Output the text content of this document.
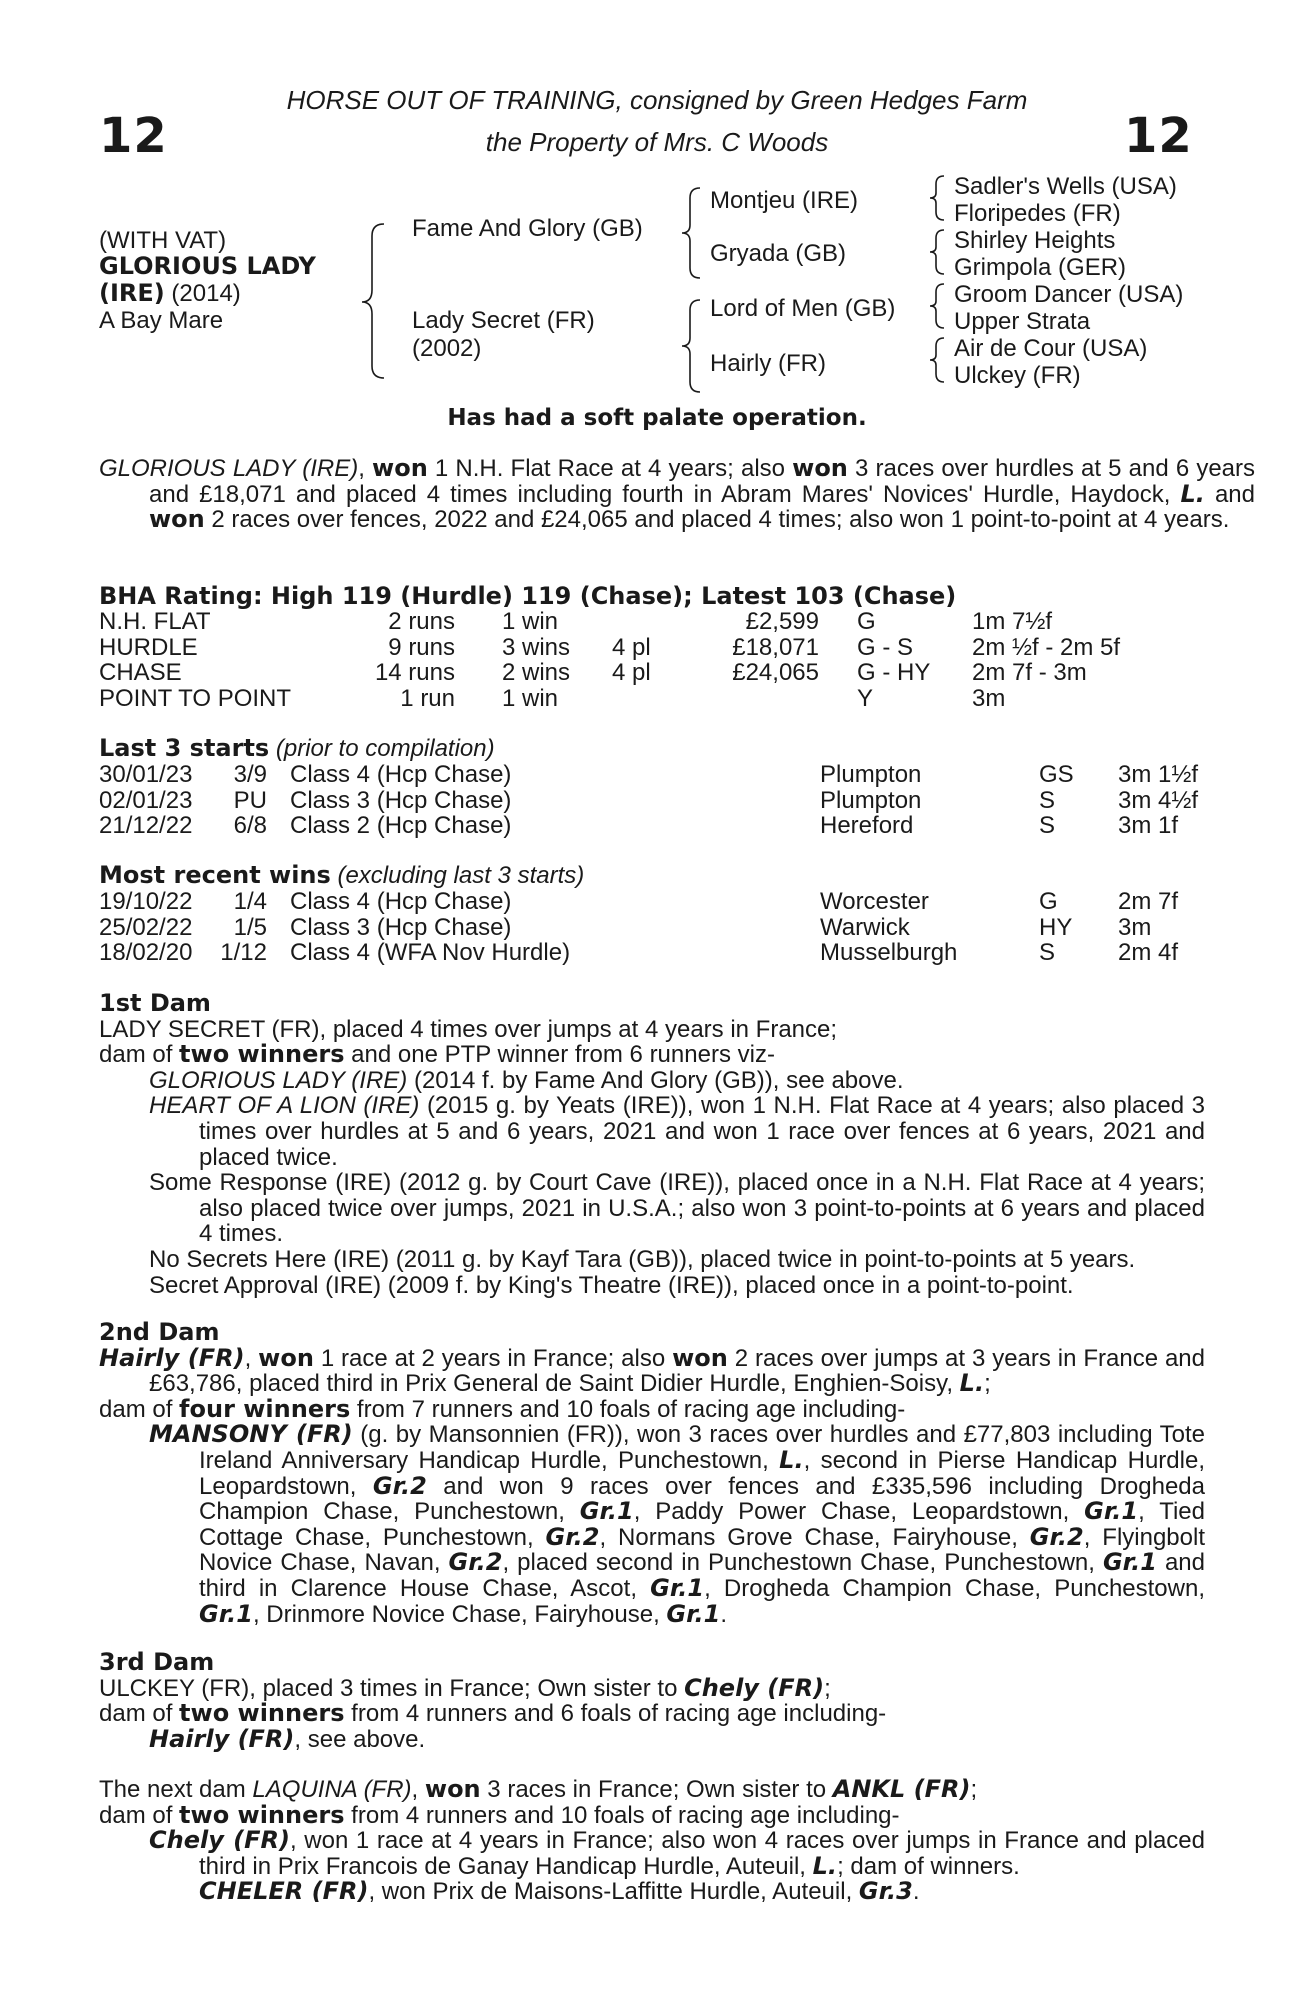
12	12
HORSE OUT OF TRAINING, consigned by Green Hedges Farm
the Property of Mrs. C Woods
(WITH VAT)
GLORIOUS LADY
(IRE) (2014)
A Bay Mare
Fame And Glory (GB)
Lady Secret (FR)
(2002)
Montjeu (IRE)
Gryada (GB)
Lord of Men (GB)
Hairly (FR)
Sadler's Wells (USA)
Floripedes (FR)
Shirley Heights
Grimpola (GER)
Groom Dancer (USA)
Upper Strata
Air de Cour (USA)
Ulckey (FR)
Has had a soft palate operation.
GLORIOUS LADY (IRE), won 1 N.H. Flat Race at 4 years; also won 3 races over hurdles at 5 and 6 years and £18,071 and placed 4 times including fourth in Abram Mares' Novices' Hurdle, Haydock, L. and won 2 races over fences, 2022 and £24,065 and placed 4 times; also won 1 point-to-point at 4 years.
BHA Rating: High 119 (Hurdle) 119 (Chase); Latest 103 (Chase)
N.H. FLAT	2 runs 1 win	£2,599 G	1m 7½f
HURDLE	9 runs 3 wins 4 pl	£18,071 G - S 2m ½f - 2m 5f
CHASE	14 runs 2 wins 4 pl	£24,065 G - HY 2m 7f - 3m
POINT TO POINT	1 run 1 win	Y	3m
Last 3 starts (prior to compilation)
30/01/23 3/9 Class 4 (Hcp Chase)	Plumpton	GS 3m 1½f
02/01/23 PU Class 3 (Hcp Chase)	Plumpton	S	3m 4½f
21/12/22 6/8 Class 2 (Hcp Chase)	Hereford	S	3m 1f
Most recent wins (excluding last 3 starts)
19/10/22 1/4 Class 4 (Hcp Chase)	Worcester	G	2m 7f
25/02/22 1/5 Class 3 (Hcp Chase)	Warwick	HY 3m
18/02/20 1/12 Class 4 (WFA Nov Hurdle)	Musselburgh	S	2m 4f
1st Dam
LADY SECRET (FR), placed 4 times over jumps at 4 years in France;
dam of two winners and one PTP winner from 6 runners viz-
GLORIOUS LADY (IRE) (2014 f. by Fame And Glory (GB)), see above.
HEART OF A LION (IRE) (2015 g. by Yeats (IRE)), won 1 N.H. Flat Race at 4 years; also placed 3 times over hurdles at 5 and 6 years, 2021 and won 1 race over fences at 6 years, 2021 and placed twice.
Some Response (IRE) (2012 g. by Court Cave (IRE)), placed once in a N.H. Flat Race at 4 years; also placed twice over jumps, 2021 in U.S.A.; also won 3 point-to-points at 6 years and placed 4 times.
No Secrets Here (IRE) (2011 g. by Kayf Tara (GB)), placed twice in point-to-points at 5 years.
Secret Approval (IRE) (2009 f. by King's Theatre (IRE)), placed once in a point-to-point.
2nd Dam
Hairly (FR), won 1 race at 2 years in France; also won 2 races over jumps at 3 years in France and £63,786, placed third in Prix General de Saint Didier Hurdle, Enghien-Soisy, L.;
dam of four winners from 7 runners and 10 foals of racing age including-
MANSONY (FR) (g. by Mansonnien (FR)), won 3 races over hurdles and £77,803 including Tote Ireland Anniversary Handicap Hurdle, Punchestown, L., second in Pierse Handicap Hurdle, Leopardstown, Gr.2 and won 9 races over fences and £335,596 including Drogheda Champion Chase, Punchestown, Gr.1, Paddy Power Chase, Leopardstown, Gr.1, Tied Cottage Chase, Punchestown, Gr.2, Normans Grove Chase, Fairyhouse, Gr.2, Flyingbolt Novice Chase, Navan, Gr.2, placed second in Punchestown Chase, Punchestown, Gr.1 and third in Clarence House Chase, Ascot, Gr.1, Drogheda Champion Chase, Punchestown, Gr.1, Drinmore Novice Chase, Fairyhouse, Gr.1.
3rd Dam
ULCKEY (FR), placed 3 times in France; Own sister to Chely (FR);
dam of two winners from 4 runners and 6 foals of racing age including-
Hairly (FR), see above.
The next dam LAQUINA (FR), won 3 races in France; Own sister to ANKL (FR);
dam of two winners from 4 runners and 10 foals of racing age including-
Chely (FR), won 1 race at 4 years in France; also won 4 races over jumps in France and placed third in Prix Francois de Ganay Handicap Hurdle, Auteuil, L.; dam of winners.
CHELER (FR), won Prix de Maisons-Laffitte Hurdle, Auteuil, Gr.3.
